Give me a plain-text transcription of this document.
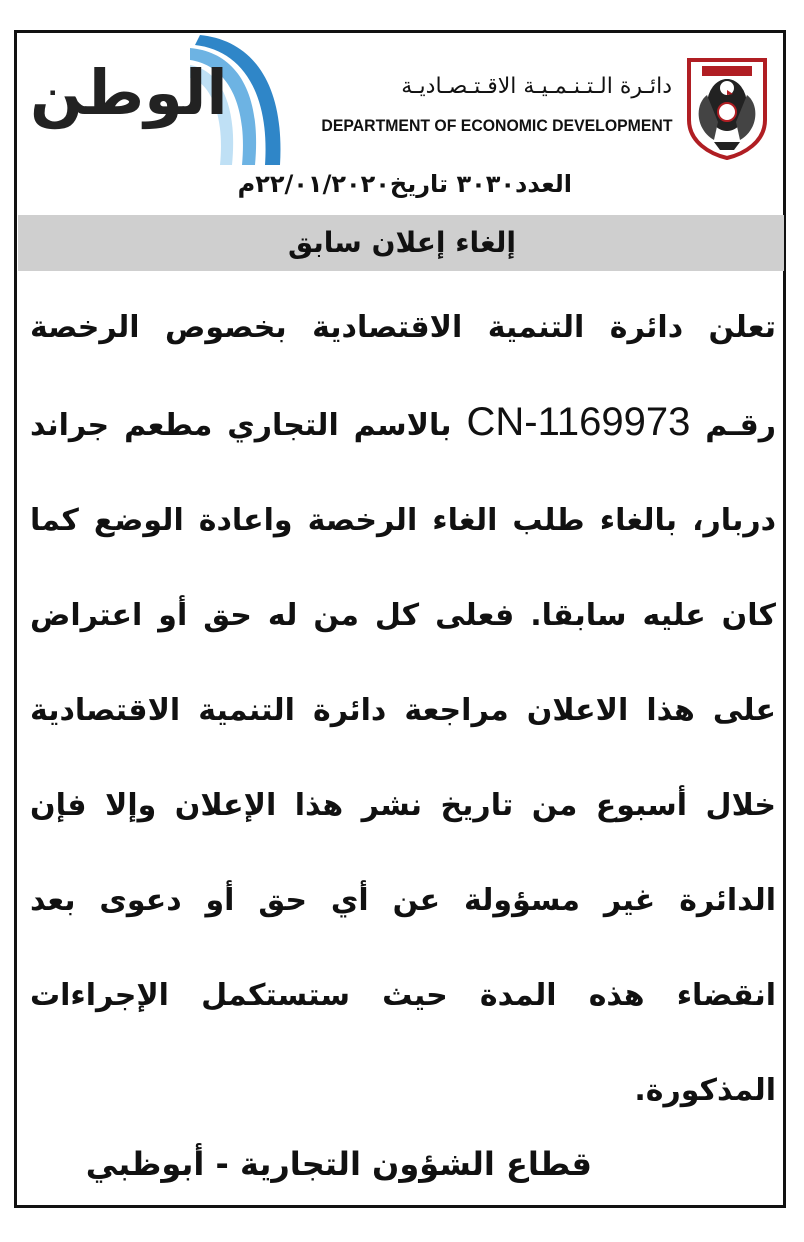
الوطن	دائـرة الـتـنـمـيـة الاقـتـصـاديـة
DEPARTMENT OF ECONOMIC DEVELOPMENT
العدد٣٠٣٠ تاريخ٢٢/٠١/٢٠٢٠م
إلغاء إعلان سابق
تعلن دائرة التنمية الاقتصادية بخصوص الرخصة رقـم CN-1169973 بالاسم التجاري مطعم جراند دربار، بالغاء طلب الغاء الرخصة واعادة الوضع كما كان عليه سابقا. فعلى كل من له حق أو اعتراض على هذا الاعلان مراجعة دائرة التنمية الاقتصادية خلال أسبوع من تاريخ نشر هذا الإعلان وإلا فإن الدائرة غير مسؤولة عن أي حق أو دعوى بعد انقضاء هذه المدة حيث ستستكمل الإجراءات المذكورة.
قطاع الشؤون التجارية - أبوظبي
